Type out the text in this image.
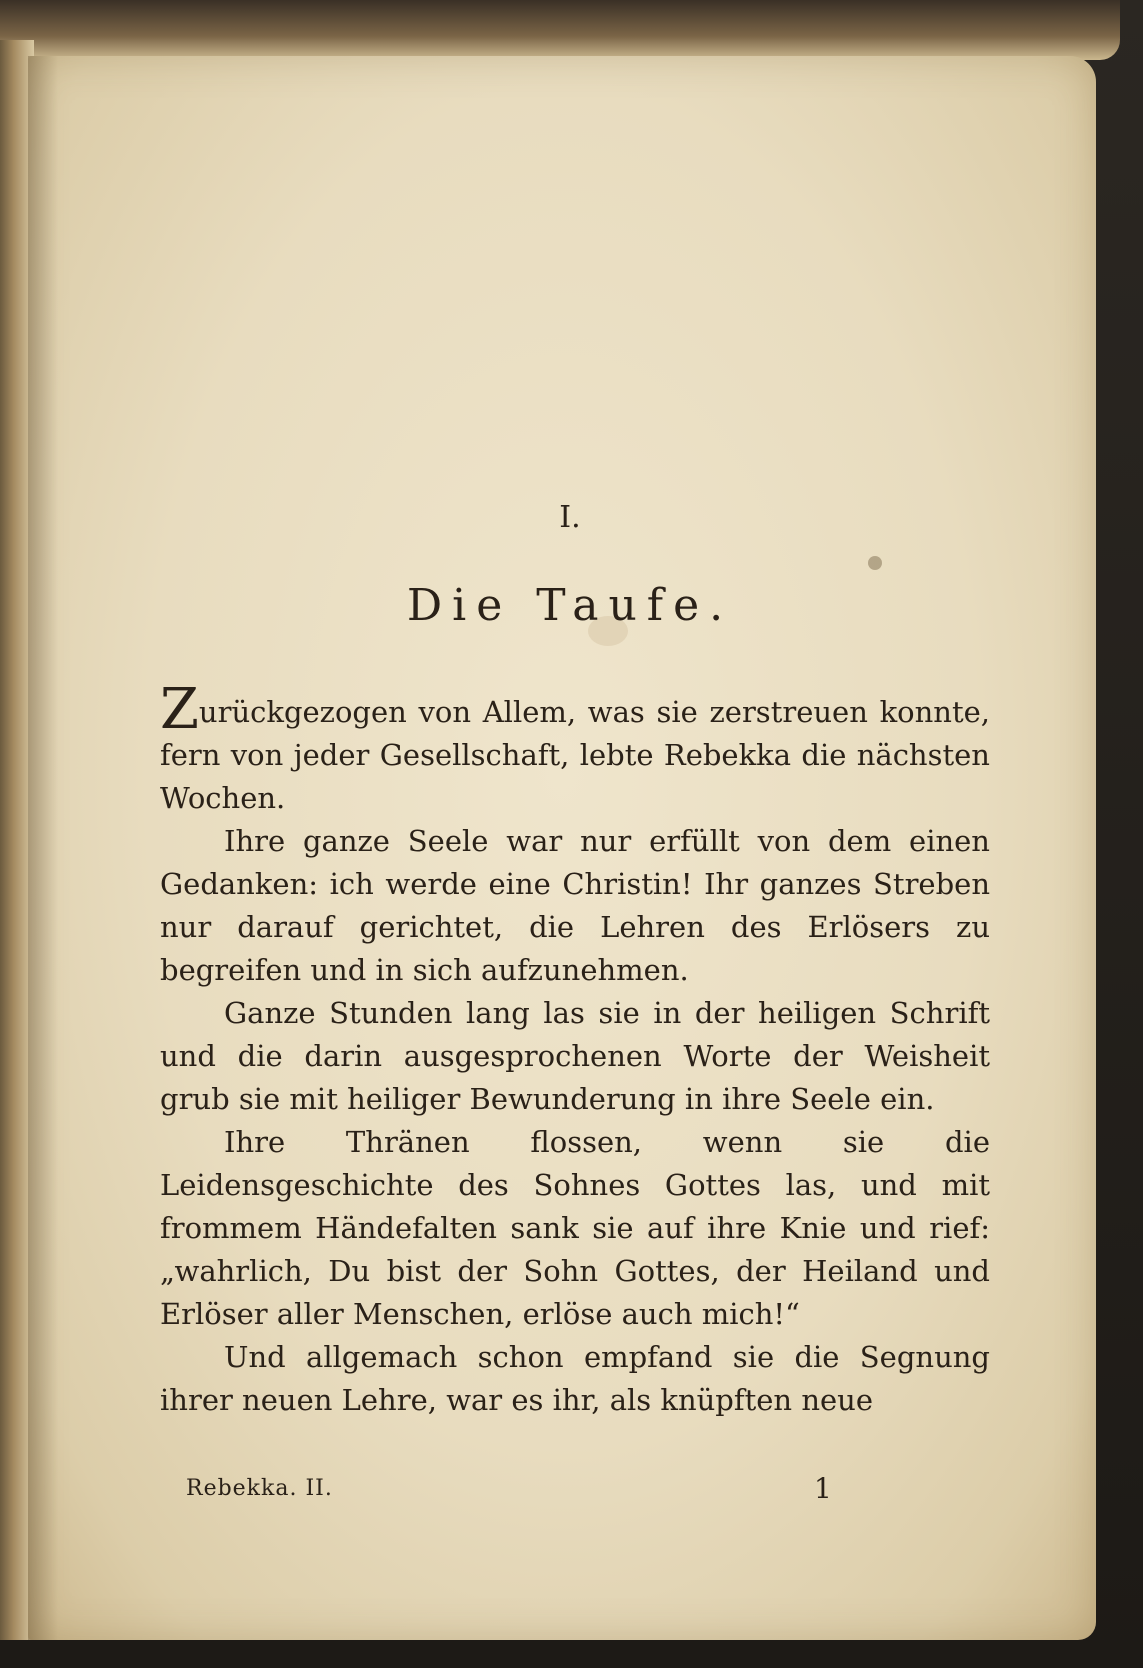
I.
Die Taufe.

Zurückgezogen von Allem, was sie zerstreuen konnte, fern von jeder Gesellschaft, lebte Rebekka die nächsten Wochen.

Ihre ganze Seele war nur erfüllt von dem einen Gedanken: ich werde eine Christin! Ihr ganzes Streben nur darauf gerichtet, die Lehren des Erlösers zu begreifen und in sich aufzunehmen.

Ganze Stunden lang las sie in der heiligen Schrift und die darin ausgesprochenen Worte der Weisheit grub sie mit heiliger Bewunderung in ihre Seele ein.

Ihre Thränen flossen, wenn sie die Leidensgeschichte des Sohnes Gottes las, und mit frommem Händefalten sank sie auf ihre Knie und rief: „wahrlich, Du bist der Sohn Gottes, der Heiland und Erlöser aller Menschen, erlöse auch mich!“

Und allgemach schon empfand sie die Segnung ihrer neuen Lehre, war es ihr, als knüpften neue

Rebekka. II.	1
